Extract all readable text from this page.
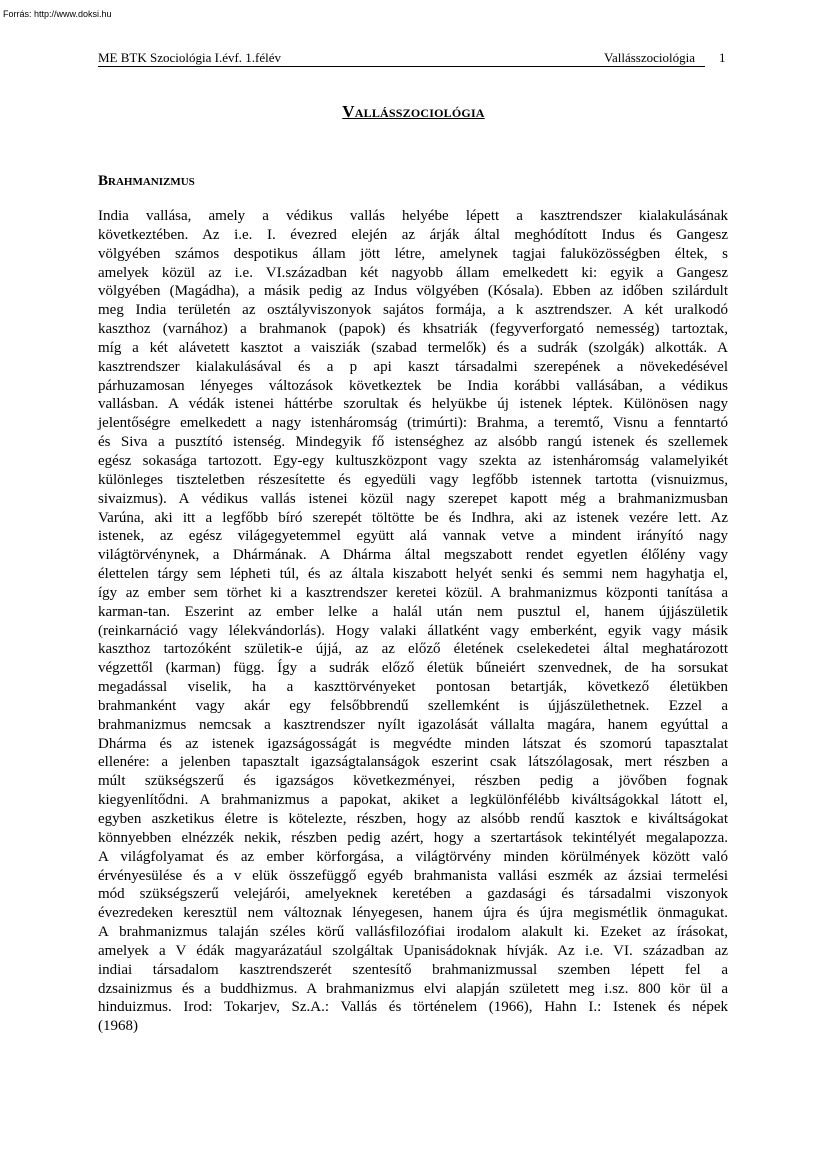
Forrás: http://www.doksi.hu
ME BTK Szociológia I.évf. 1.félév	Vallásszociológia 1
Vallásszociológia
Brahmanizmus
India vallása, amely a védikus vallás helyébe lépett a kasztrendszer kialakulásának
következtében. Az i.e. I. évezred elején az árják által meghódított Indus és Gangesz
völgyében számos despotikus állam jött létre, amelynek tagjai faluközösségben éltek, s
amelyek közül az i.e. VI.században két nagyobb állam emelkedett ki: egyik a Gangesz
völgyében (Magádha), a másik pedig az Indus völgyében (Kósala). Ebben az időben szilárdult
meg India területén az osztályviszonyok sajátos formája, a k asztrendszer. A két uralkodó
kaszthoz (varnához) a brahmanok (papok) és khsatriák (fegyverforgató nemesség) tartoztak,
míg a két alávetett kasztot a vaisziák (szabad termelők) és a sudrák (szolgák) alkották. A
kasztrendszer kialakulásával és a p api kaszt társadalmi szerepének a növekedésével
párhuzamosan lényeges változások következtek be India korábbi vallásában, a védikus
vallásban. A védák istenei háttérbe szorultak és helyükbe új istenek léptek. Különösen nagy
jelentőségre emelkedett a nagy istenháromság (trimúrti): Brahma, a teremtő, Visnu a fenntartó
és Siva a pusztító istenség. Mindegyik fő istenséghez az alsóbb rangú istenek és szellemek
egész sokasága tartozott. Egy-egy kultuszközpont vagy szekta az istenháromság valamelyikét
különleges tiszteletben részesítette és egyedüli vagy legfőbb istennek tartotta (visnuizmus,
sivaizmus). A védikus vallás istenei közül nagy szerepet kapott még a brahmanizmusban
Varúna, aki itt a legfőbb bíró szerepét töltötte be és Indhra, aki az istenek vezére lett. Az
istenek, az egész világegyetemmel együtt alá vannak vetve a mindent irányító nagy
világtörvénynek, a Dhármának. A Dhárma által megszabott rendet egyetlen élőlény vagy
élettelen tárgy sem lépheti túl, és az általa kiszabott helyét senki és semmi nem hagyhatja el,
így az ember sem törhet ki a kasztrendszer keretei közül. A brahmanizmus központi tanítása a
karman-tan. Eszerint az ember lelke a halál után nem pusztul el, hanem újjászületik
(reinkarnáció vagy lélekvándorlás). Hogy valaki állatként vagy emberként, egyik vagy másik
kaszthoz tartozóként születik-e újjá, az az előző életének cselekedetei által meghatározott
végzettől (karman) függ. Így a sudrák előző életük bűneiért szenvednek, de ha sorsukat
megadással viselik, ha a kaszttörvényeket pontosan betartják, következő életükben
brahmanként vagy akár egy felsőbbrendű szellemként is újjászülethetnek. Ezzel a
brahmanizmus nemcsak a kasztrendszer nyílt igazolását vállalta magára, hanem egyúttal a
Dhárma és az istenek igazságosságát is megvédte minden látszat és szomorú tapasztalat
ellenére: a jelenben tapasztalt igazságtalanságok eszerint csak látszólagosak, mert részben a
múlt szükségszerű és igazságos következményei, részben pedig a jövőben fognak
kiegyenlítődni. A brahmanizmus a papokat, akiket a legkülönfélébb kiváltságokkal látott el,
egyben aszketikus életre is kötelezte, részben, hogy az alsóbb rendű kasztok e kiváltságokat
könnyebben elnézzék nekik, részben pedig azért, hogy a szertartások tekintélyét megalapozza.
A világfolyamat és az ember körforgása, a világtörvény minden körülmények között való
érvényesülése és a v elük összefüggő egyéb brahmanista vallási eszmék az ázsiai termelési
mód szükségszerű velejárói, amelyeknek keretében a gazdasági és társadalmi viszonyok
évezredeken keresztül nem változnak lényegesen, hanem újra és újra megismétlik önmagukat.
A brahmanizmus talaján széles körű vallásfilozófiai irodalom alakult ki. Ezeket az írásokat,
amelyek a V édák magyarázatául szolgáltak Upanisádoknak hívják. Az i.e. VI. században az
indiai társadalom kasztrendszerét szentesítő brahmanizmussal szemben lépett fel a
dzsainizmus és a buddhizmus. A brahmanizmus elvi alapján született meg i.sz. 800 kör ül a
hinduizmus. Irod: Tokarjev, Sz.A.: Vallás és történelem (1966), Hahn I.: Istenek és népek
(1968)
